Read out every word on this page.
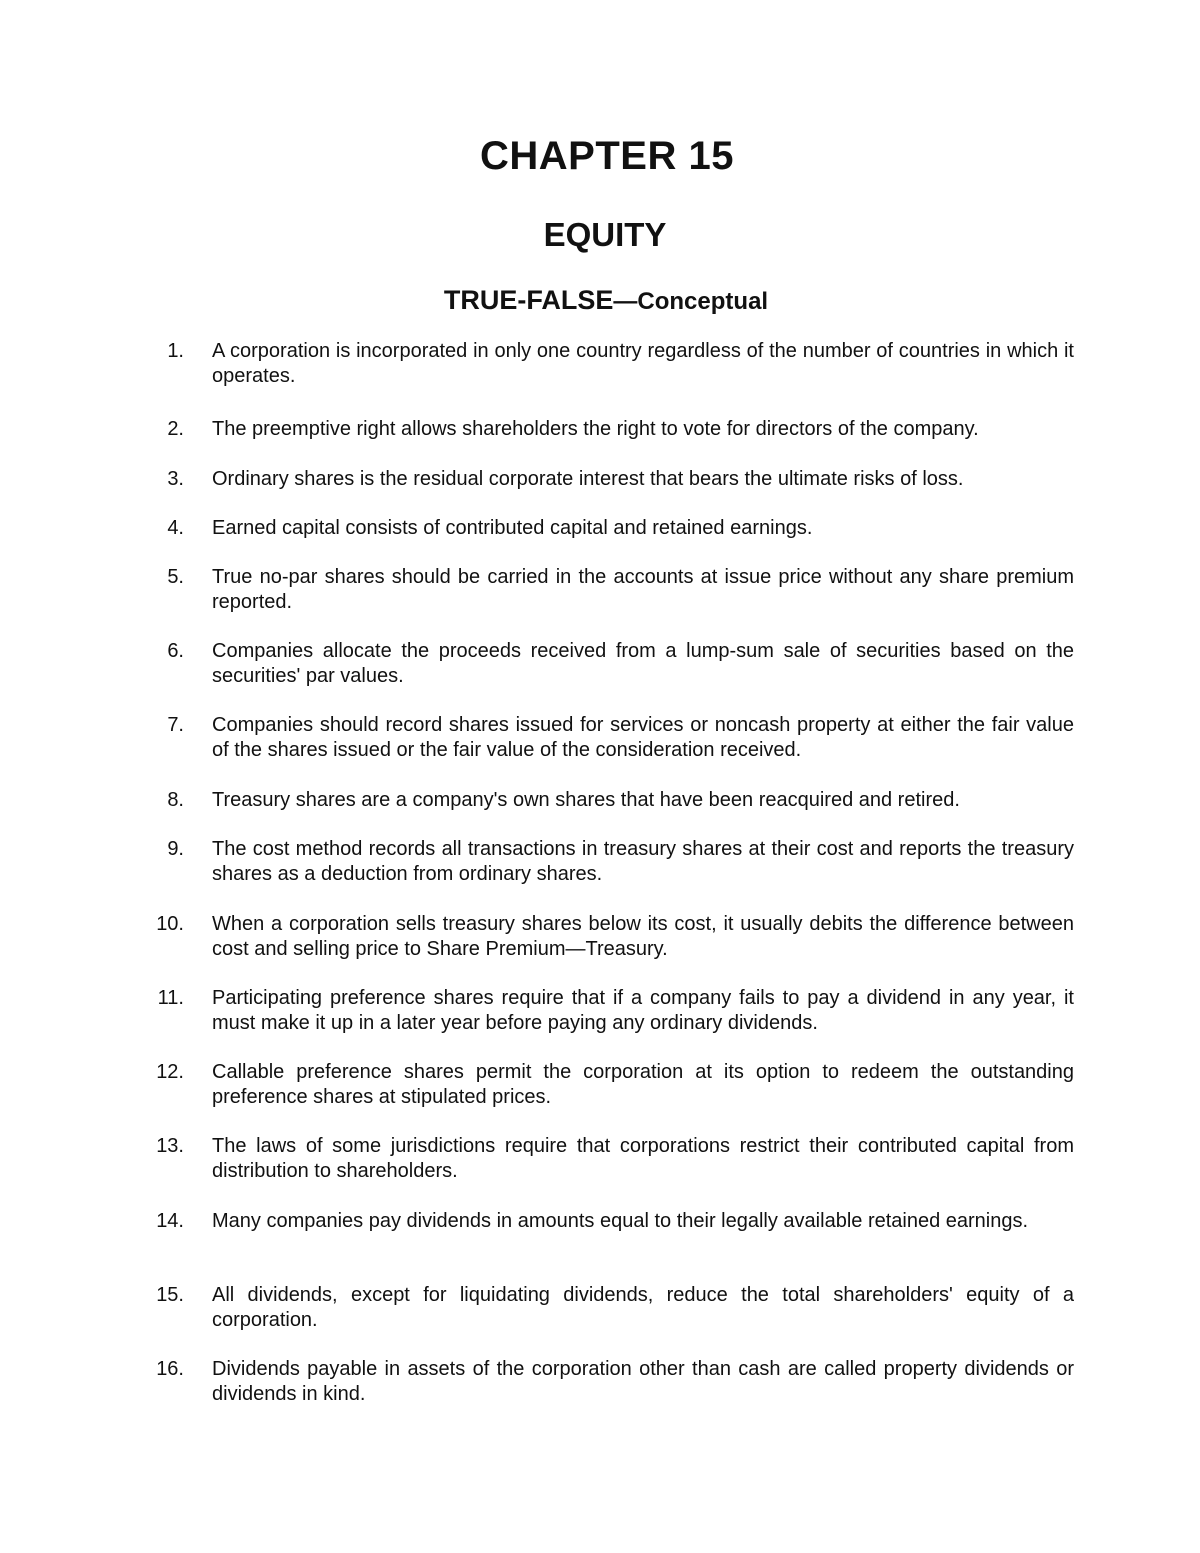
CHAPTER 15
EQUITY
TRUE-FALSE—Conceptual
1. A corporation is incorporated in only one country regardless of the number of countries in which it operates.
2. The preemptive right allows shareholders the right to vote for directors of the company.
3. Ordinary shares is the residual corporate interest that bears the ultimate risks of loss.
4. Earned capital consists of contributed capital and retained earnings.
5. True no-par shares should be carried in the accounts at issue price without any share premium reported.
6. Companies allocate the proceeds received from a lump-sum sale of securities based on the securities' par values.
7. Companies should record shares issued for services or noncash property at either the fair value of the shares issued or the fair value of the consideration received.
8. Treasury shares are a company's own shares that have been reacquired and retired.
9. The cost method records all transactions in treasury shares at their cost and reports the treasury shares as a deduction from ordinary shares.
10. When a corporation sells treasury shares below its cost, it usually debits the difference between cost and selling price to Share Premium—Treasury.
11. Participating preference shares require that if a company fails to pay a dividend in any year, it must make it up in a later year before paying any ordinary dividends.
12. Callable preference shares permit the corporation at its option to redeem the outstanding preference shares at stipulated prices.
13. The laws of some jurisdictions require that corporations restrict their contributed capital from distribution to shareholders.
14. Many companies pay dividends in amounts equal to their legally available retained earnings.
15. All dividends, except for liquidating dividends, reduce the total shareholders' equity of a corporation.
16. Dividends payable in assets of the corporation other than cash are called property dividends or dividends in kind.
